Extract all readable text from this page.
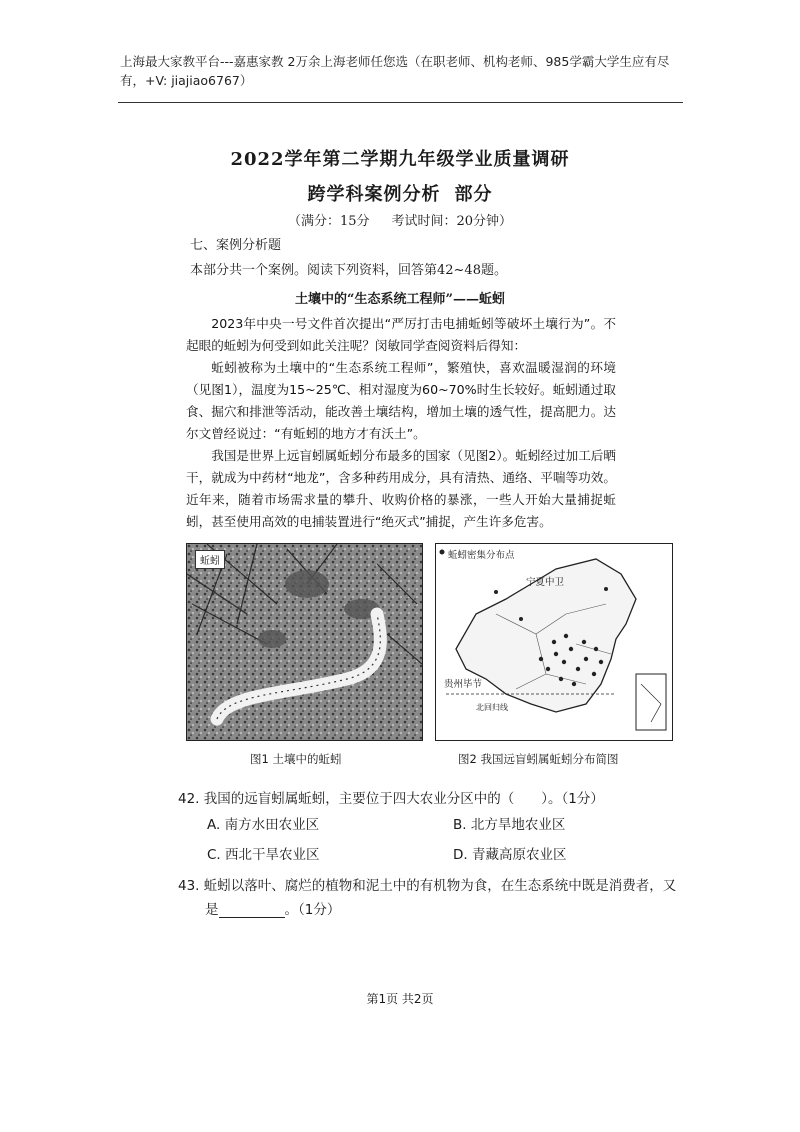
上海最大家教平台---嘉惠家教 2万余上海老师任您选（在职老师、机构老师、985学霸大学生应有尽有，+V: jiajiao6767）
2022学年第二学期九年级学业质量调研
跨学科案例分析 部分
（满分：15分 考试时间：20分钟）
七、案例分析题
本部分共一个案例。阅读下列资料，回答第42~48题。
土壤中的“生态系统工程师”——蚯蚓
2023年中央一号文件首次提出“严厉打击电捕蚯蚓等破坏土壤行为”。不起眼的蚯蚓为何受到如此关注呢？闵敏同学查阅资料后得知：
蚯蚓被称为土壤中的“生态系统工程师”，繁殖快，喜欢温暖湿润的环境（见图1），温度为15~25℃、相对湿度为60~70%时生长较好。蚯蚓通过取食、掘穴和排泄等活动，能改善土壤结构，增加土壤的透气性，提高肥力。达尔文曾经说过：“有蚯蚓的地方才有沃土”。
我国是世界上远盲蚓属蚯蚓分布最多的国家（见图2）。蚯蚓经过加工后晒干，就成为中药材“地龙”，含多种药用成分，具有清热、通络、平喘等功效。近年来，随着市场需求量的攀升、收购价格的暴涨，一些人开始大量捕捉蚯蚓，甚至使用高效的电捕装置进行“绝灭式”捕捉，产生许多危害。
蚯蚓
蚯蚓密集分布点
宁夏中卫
贵州毕节
北回归线
图1 土壤中的蚯蚓	图2 我国远盲蚓属蚯蚓分布简图
42. 我国的远盲蚓属蚯蚓，主要位于四大农业分区中的（　　）。（1分）
A. 南方水田农业区	B. 北方旱地农业区
C. 西北干旱农业区	D. 青藏高原农业区
43. 蚯蚓以落叶、腐烂的植物和泥土中的有机物为食，在生态系统中既是消费者，又
是	。（1分）
第1页 共2页
